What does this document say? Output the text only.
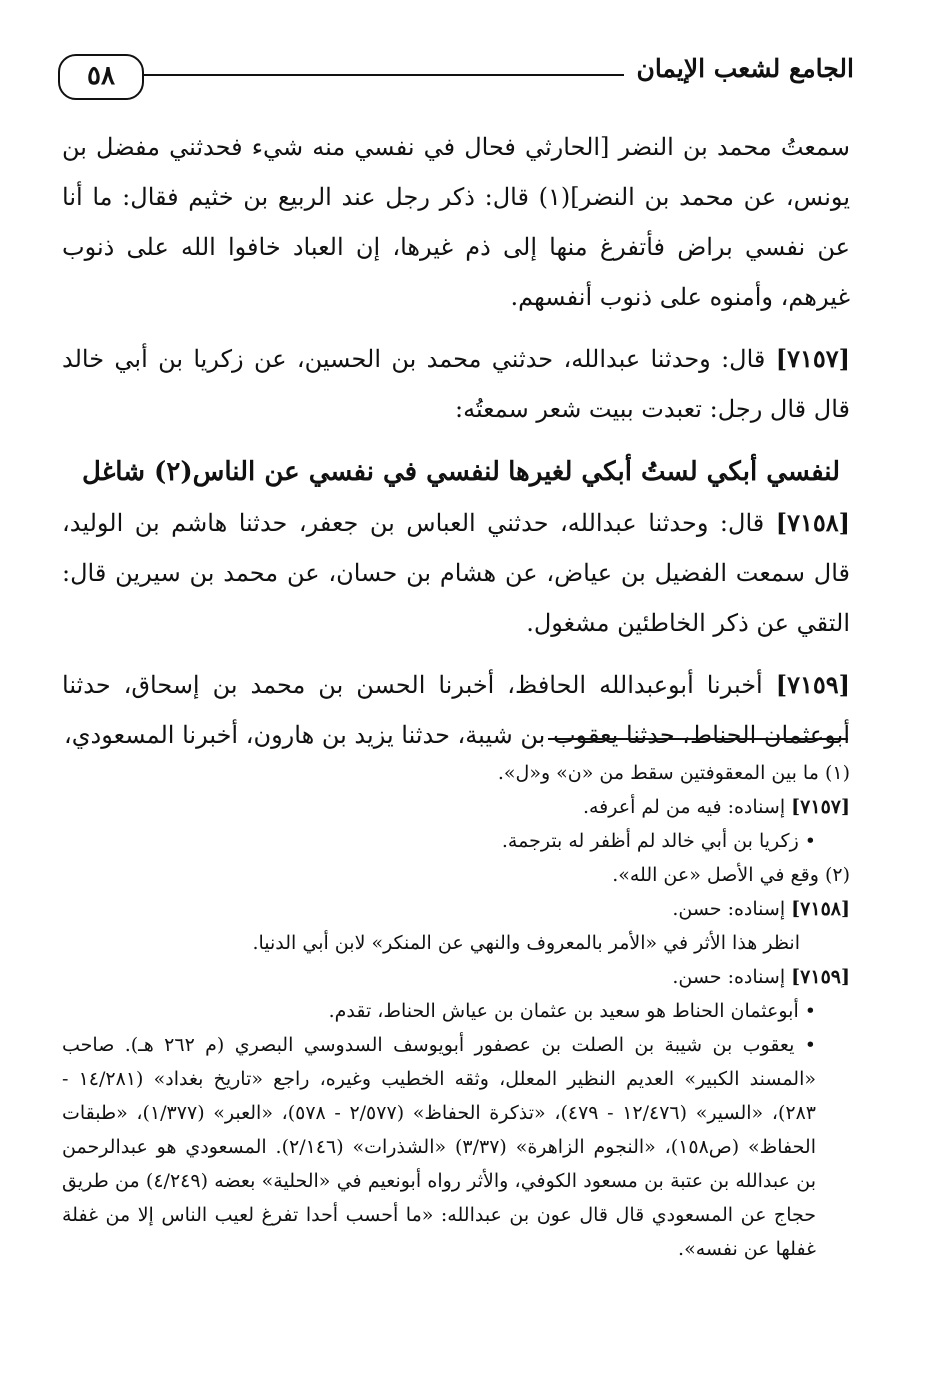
٥٨	الجامع لشعب الإيمان

سمعتُ محمد بن النضر [الحارثي فحال في نفسي منه شيء فحدثني مفضل بن يونس، عن محمد بن النضر](١) قال: ذكر رجل عند الربيع بن خثيم فقال: ما أنا عن نفسي براض فأتفرغ منها إلى ذم غيرها، إن العباد خافوا الله على ذنوب غيرهم، وأمنوه على ذنوب أنفسهم.

[٧١٥٧] قال: وحدثنا عبدالله، حدثني محمد بن الحسين، عن زكريا بن أبي خالد قال قال رجل: تعبدت ببيت شعر سمعتُه:

لنفسي أبكي لستُ أبكي لغيرها
لنفسي في نفسي عن الناس(٢) شاغل

[٧١٥٨] قال: وحدثنا عبدالله، حدثني العباس بن جعفر، حدثنا هاشم بن الوليد، قال سمعت الفضيل بن عياض، عن هشام بن حسان، عن محمد بن سيرين قال: التقي عن ذكر الخاطئين مشغول.

[٧١٥٩] أخبرنا أبوعبدالله الحافظ، أخبرنا الحسن بن محمد بن إسحاق، حدثنا أبوعثمان الحناط، حدثنا يعقوب بن شيبة، حدثنا يزيد بن هارون، أخبرنا المسعودي،

(١) ما بين المعقوفتين سقط من «ن» و«ل».

[٧١٥٧] إسناده: فيه من لم أعرفه.

• زكريا بن أبي خالد لم أظفر له بترجمة.

(٢) وقع في الأصل «عن الله».

[٧١٥٨] إسناده: حسن.

انظر هذا الأثر في «الأمر بالمعروف والنهي عن المنكر» لابن أبي الدنيا.

[٧١٥٩] إسناده: حسن.

• أبوعثمان الحناط هو سعيد بن عثمان بن عياش الحناط، تقدم.

• يعقوب بن شيبة بن الصلت بن عصفور أبويوسف السدوسي البصري (م ٢٦٢ هـ). صاحب «المسند الكبير» العديم النظير المعلل، وثقه الخطيب وغيره، راجع «تاريخ بغداد» (١٤/٢٨١ - ٢٨٣)، «السير» (١٢/٤٧٦ - ٤٧٩)، «تذكرة الحفاظ» (٢/٥٧٧ - ٥٧٨)، «العبر» (١/٣٧٧)، «طبقات الحفاظ» (ص١٥٨)، «النجوم الزاهرة» (٣/٣٧) «الشذرات» (٢/١٤٦). المسعودي هو عبدالرحمن بن عبدالله بن عتبة بن مسعود الكوفي، والأثر رواه أبونعيم في «الحلية» بعضه (٤/٢٤٩) من طريق حجاج عن المسعودي قال قال عون بن عبدالله: «ما أحسب أحدا تفرغ لعيب الناس إلا من غفلة غفلها عن نفسه».
